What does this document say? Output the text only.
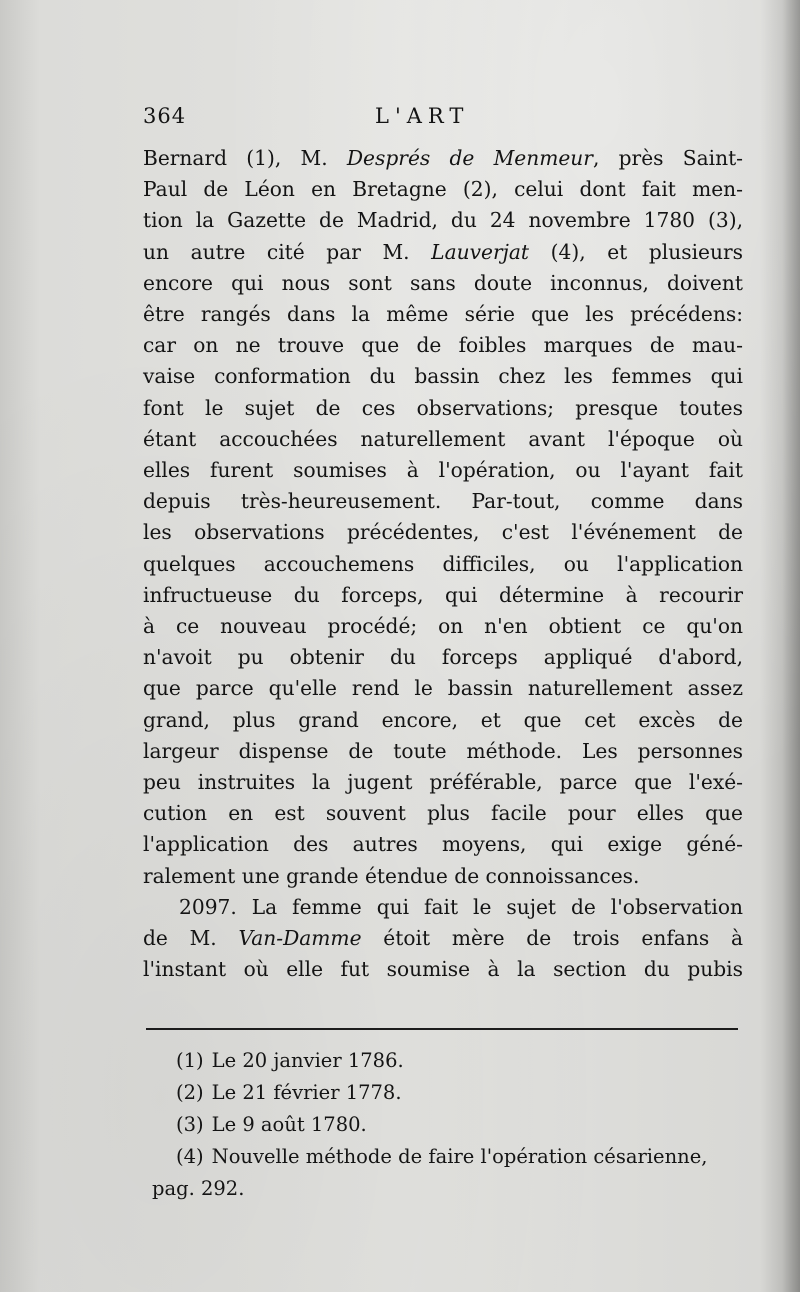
364	L'ART
Bernard (1), M. Després de Menmeur, près Saint-
Paul de Léon en Bretagne (2), celui dont fait men-
tion la Gazette de Madrid, du 24 novembre 1780 (3),
un autre cité par M. Lauverjat (4), et plusieurs
encore qui nous sont sans doute inconnus, doivent
être rangés dans la même série que les précédens:
car on ne trouve que de foibles marques de mau-
vaise conformation du bassin chez les femmes qui
font le sujet de ces observations; presque toutes
étant accouchées naturellement avant l'époque où
elles furent soumises à l'opération, ou l'ayant fait
depuis très-heureusement. Par-tout, comme dans
les observations précédentes, c'est l'événement de
quelques accouchemens difficiles, ou l'application
infructueuse du forceps, qui détermine à recourir
à ce nouveau procédé; on n'en obtient ce qu'on
n'avoit pu obtenir du forceps appliqué d'abord,
que parce qu'elle rend le bassin naturellement assez
grand, plus grand encore, et que cet excès de
largeur dispense de toute méthode. Les personnes
peu instruites la jugent préférable, parce que l'exé-
cution en est souvent plus facile pour elles que
l'application des autres moyens, qui exige géné-
ralement une grande étendue de connoissances.
2097. La femme qui fait le sujet de l'observation
de M. Van-Damme étoit mère de trois enfans à
l'instant où elle fut soumise à la section du pubis
(1) Le 20 janvier 1786.
(2) Le 21 février 1778.
(3) Le 9 août 1780.
(4) Nouvelle méthode de faire l'opération césarienne,
pag. 292.
